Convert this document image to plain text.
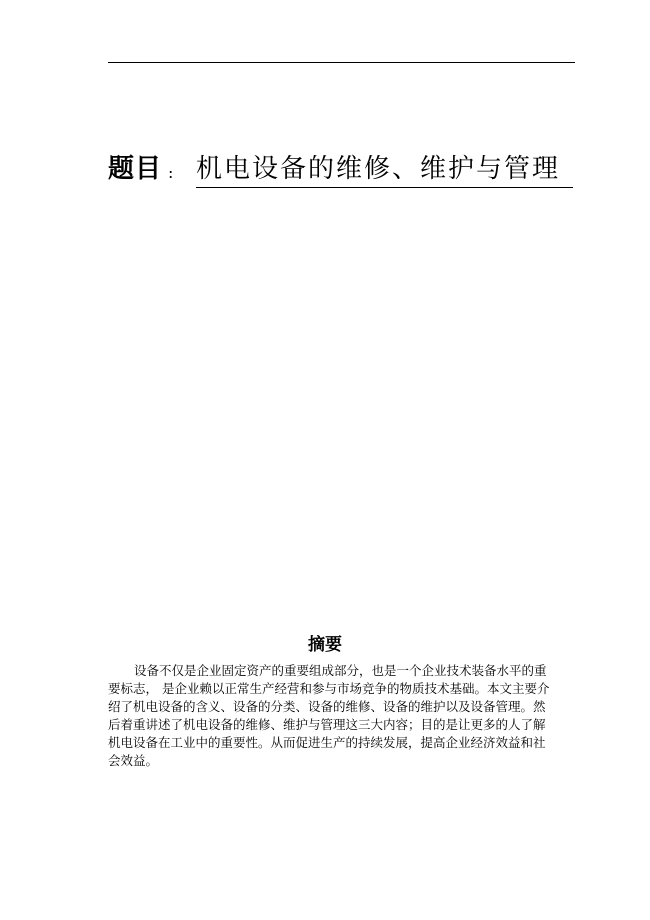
题目 : 机电设备的维修、维护与管理
摘要
设备不仅是企业固定资产的重要组成部分，也是一个企业技术装备水平的重
要标志， 是企业赖以正常生产经营和参与市场竞争的物质技术基础。本文主要介
绍了机电设备的含义、设备的分类、设备的维修、设备的维护以及设备管理。然
后着重讲述了机电设备的维修、维护与管理这三大内容；目的是让更多的人了解
机电设备在工业中的重要性。从而促进生产的持续发展，提高企业经济效益和社
会效益。
